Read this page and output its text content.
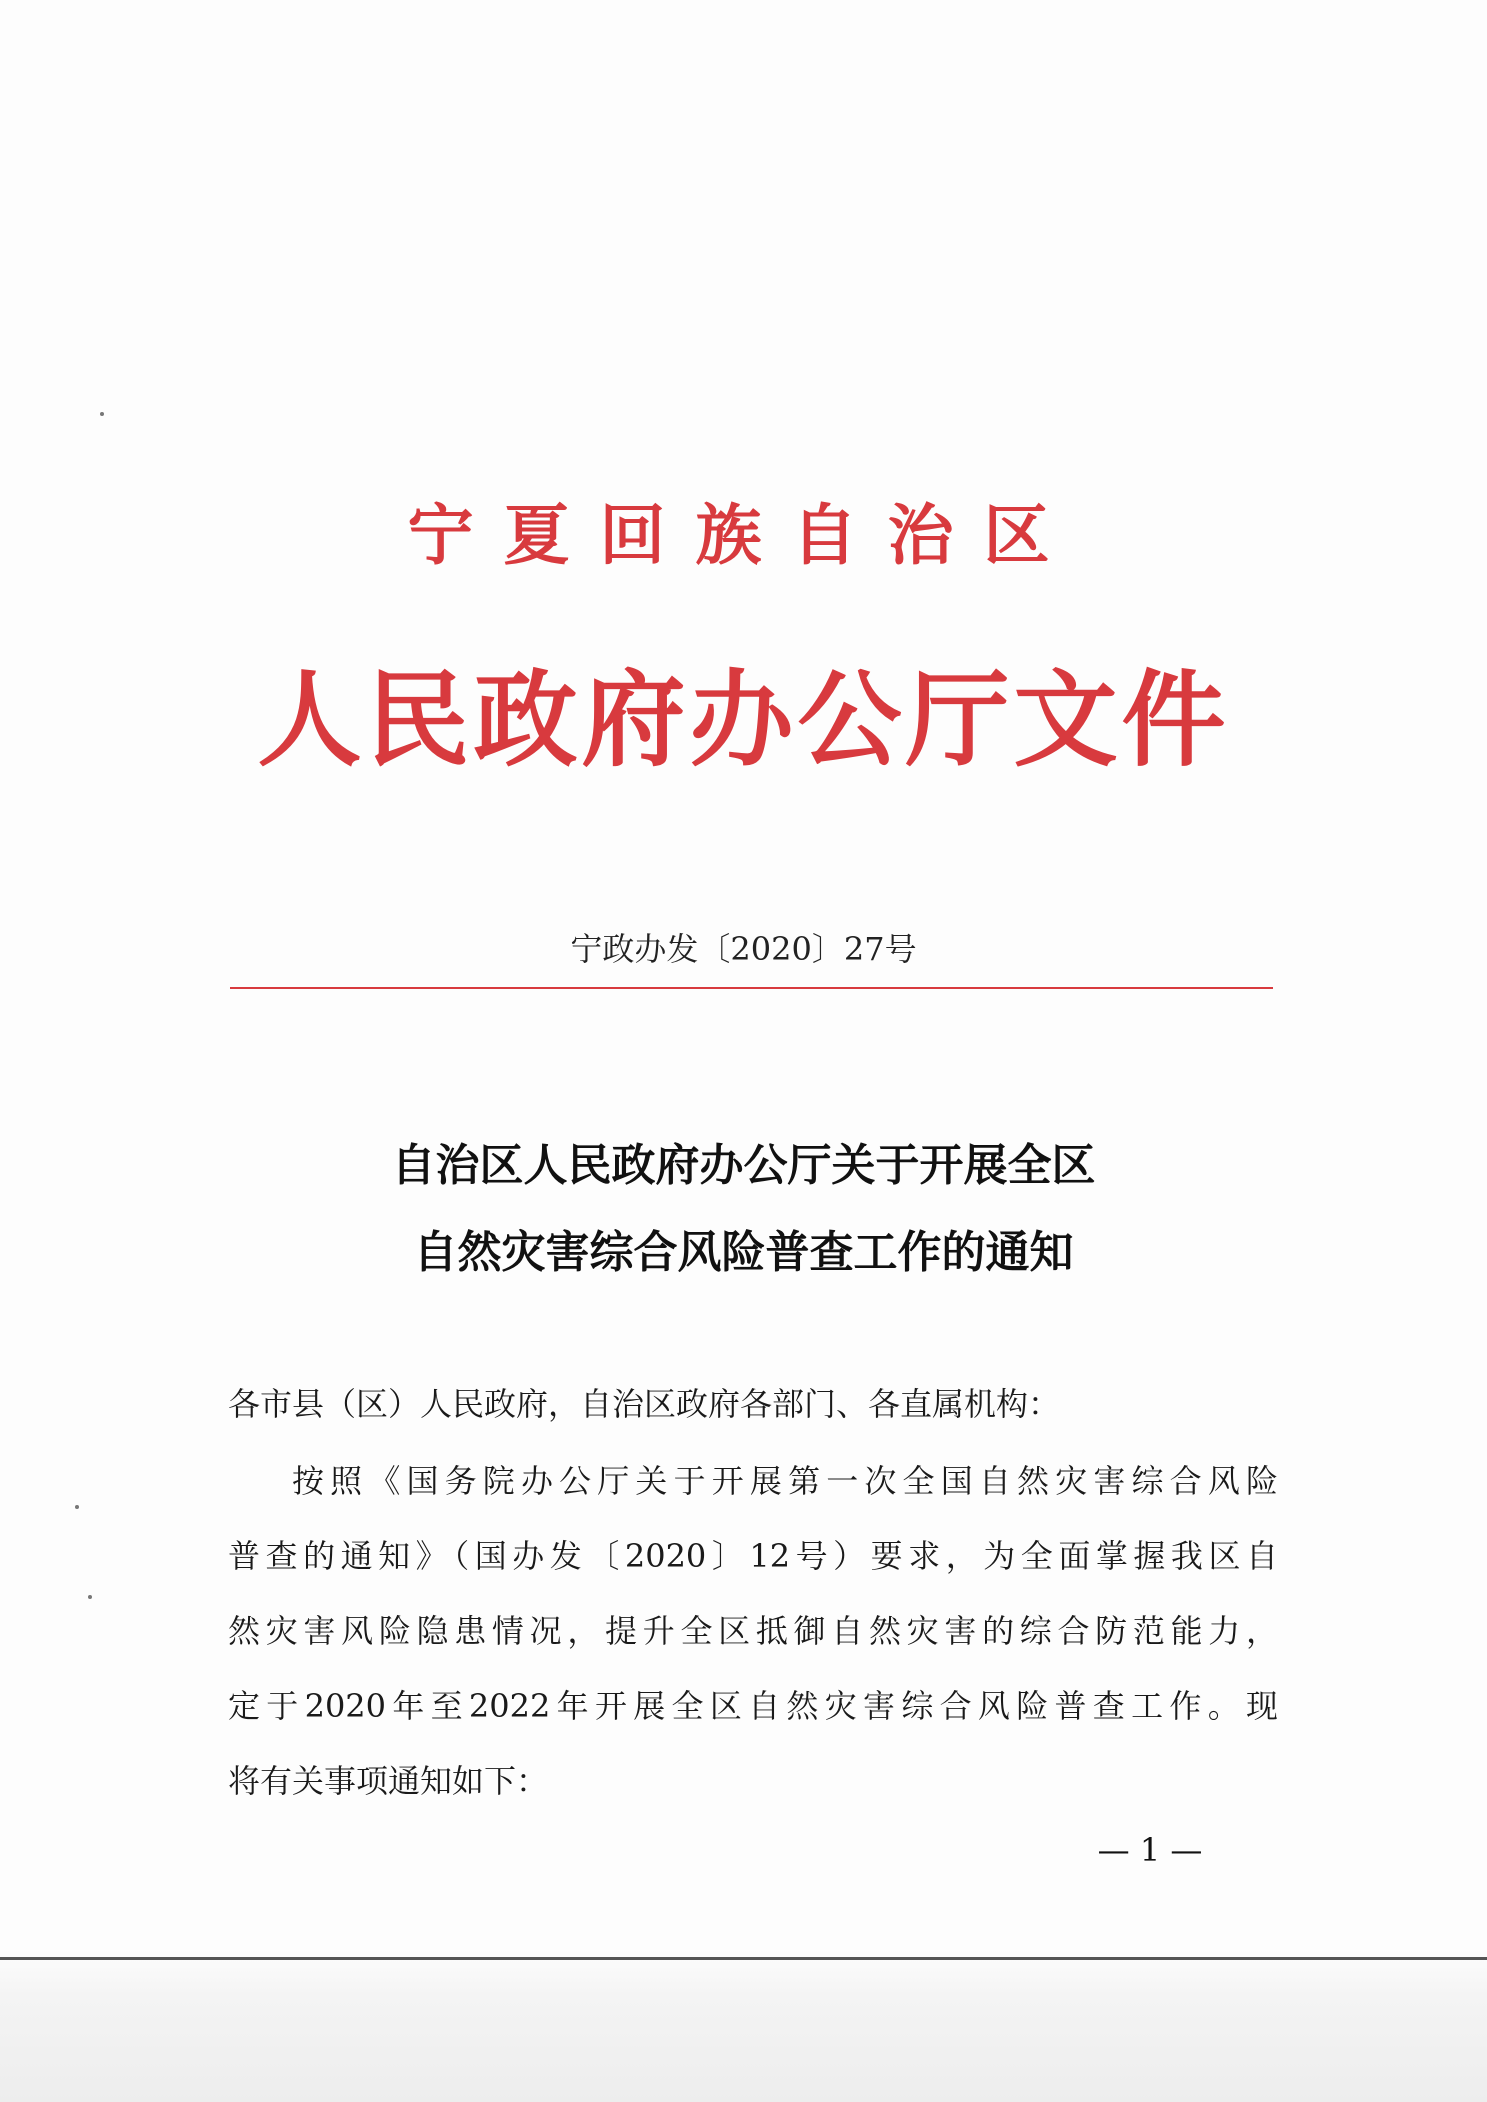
宁夏回族自治区
人民政府办公厅文件
宁政办发〔2020〕27号
自治区人民政府办公厅关于开展全区
自然灾害综合风险普查工作的通知
各市县（区）人民政府，自治区政府各部门、各直属机构：
按照《国务院办公厅关于开展第一次全国自然灾害综合风险
普查的通知》（国办发〔2020〕12号）要求，为全面掌握我区自
然灾害风险隐患情况，提升全区抵御自然灾害的综合防范能力，
定于2020年至2022年开展全区自然灾害综合风险普查工作。现
将有关事项通知如下：
— 1 —
